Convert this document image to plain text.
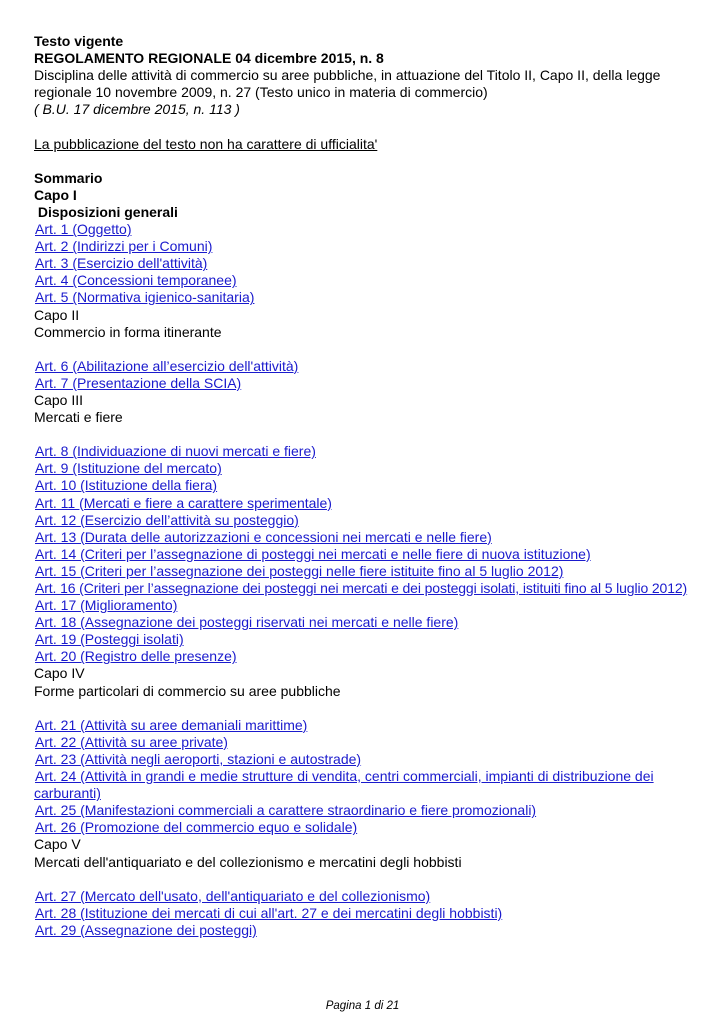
Testo vigente
REGOLAMENTO REGIONALE 04 dicembre 2015, n. 8
Disciplina delle attività di commercio su aree pubbliche, in attuazione del Titolo II, Capo II, della legge regionale 10 novembre 2009, n. 27 (Testo unico in materia di commercio)
( B.U. 17 dicembre 2015, n. 113 )
La pubblicazione del testo non ha carattere di ufficialita'
Sommario
Capo I
Disposizioni generali
Art. 1 (Oggetto)
Art. 2 (Indirizzi per i Comuni)
Art. 3 (Esercizio dell'attività)
Art. 4 (Concessioni temporanee)
Art. 5 (Normativa igienico-sanitaria)
Capo II
Commercio in forma itinerante
Art. 6 (Abilitazione all’esercizio dell'attività)
Art. 7 (Presentazione della SCIA)
Capo III
Mercati e fiere
Art. 8 (Individuazione di nuovi mercati e fiere)
Art. 9 (Istituzione del mercato)
Art. 10 (Istituzione della fiera)
Art. 11 (Mercati e fiere a carattere sperimentale)
Art. 12 (Esercizio dell’attività su posteggio)
Art. 13 (Durata delle autorizzazioni e concessioni nei mercati e nelle fiere)
Art. 14 (Criteri per l’assegnazione di posteggi nei mercati e nelle fiere di nuova istituzione)
Art. 15 (Criteri per l’assegnazione dei posteggi nelle fiere istituite fino al 5 luglio 2012)
Art. 16 (Criteri per l’assegnazione dei posteggi nei mercati e dei posteggi isolati, istituiti fino al 5 luglio 2012)
Art. 17 (Miglioramento)
Art. 18 (Assegnazione dei posteggi riservati nei mercati e nelle fiere)
Art. 19 (Posteggi isolati)
Art. 20 (Registro delle presenze)
Capo IV
Forme particolari di commercio su aree pubbliche
Art. 21 (Attività su aree demaniali marittime)
Art. 22 (Attività su aree private)
Art. 23 (Attività negli aeroporti, stazioni e autostrade)
Art. 24 (Attività in grandi e medie strutture di vendita, centri commerciali, impianti di distribuzione dei carburanti)
Art. 25 (Manifestazioni commerciali a carattere straordinario e fiere promozionali)
Art. 26 (Promozione del commercio equo e solidale)
Capo V
Mercati dell'antiquariato e del collezionismo e mercatini degli hobbisti
Art. 27 (Mercato dell'usato, dell'antiquariato e del collezionismo)
Art. 28 (Istituzione dei mercati di cui all'art. 27 e dei mercatini degli hobbisti)
Art. 29 (Assegnazione dei posteggi)
Pagina 1 di 21
